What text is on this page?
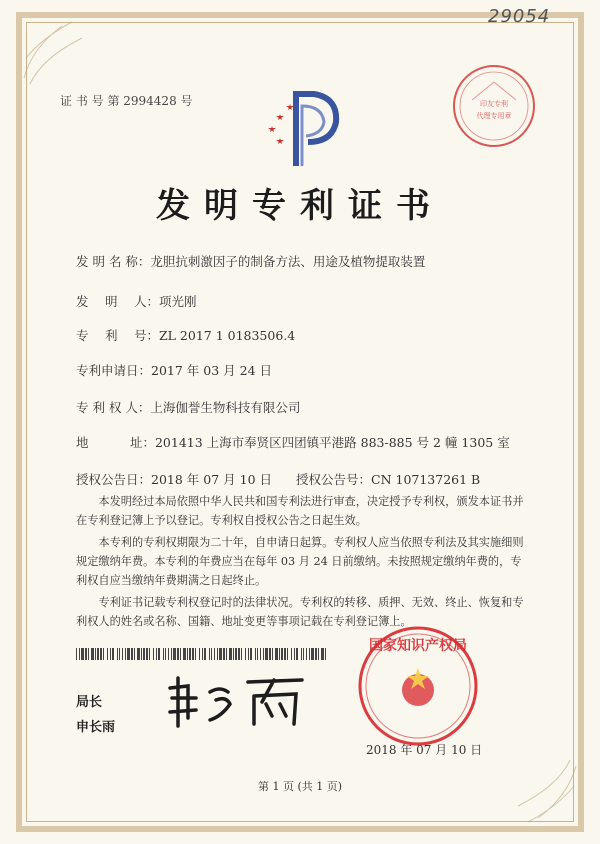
29054
证 书 号 第 2994428 号	印友专利
代理专用章
发明专利证书
发 明 名 称：龙胆抗刺激因子的制备方法、用途及植物提取装置
发　 明　 人：项光刚
专　 利　 号：ZL 2017 1 0183506.4
专利申请日：2017 年 03 月 24 日
专 利 权 人：上海伽誉生物科技有限公司
地　　　 址：201413 上海市奉贤区四团镇平港路 883-885 号 2 幢 1305 室
授权公告日：2018 年 07 月 10 日 授权公告号：CN 107137261 B

本发明经过本局依照中华人民共和国专利法进行审查，决定授予专利权，颁发本证书并在专利登记簿上予以登记。专利权自授权公告之日起生效。

本专利的专利权期限为二十年，自申请日起算。专利权人应当依照专利法及其实施细则规定缴纳年费。本专利的年费应当在每年 03 月 24 日前缴纳。未按照规定缴纳年费的，专利权自应当缴纳年费期满之日起终止。

专利证书记载专利权登记时的法律状况。专利权的转移、质押、无效、终止、恢复和专利权人的姓名或名称、国籍、地址变更等事项记载在专利登记簿上。

局长
申长雨
国家知识产权局
2018 年 07 月 10 日
第 1 页 (共 1 页)
